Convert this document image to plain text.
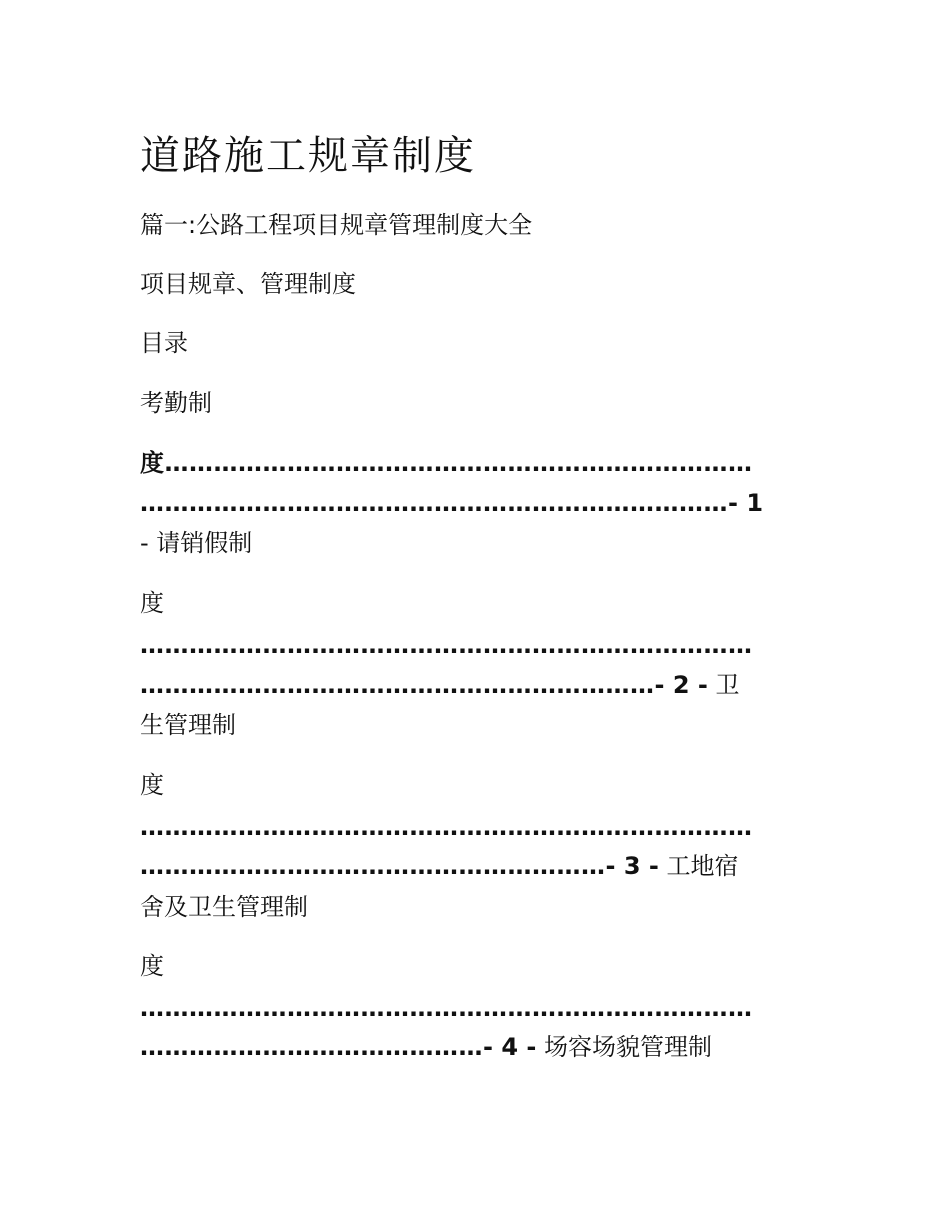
道路施工规章制度
篇一:公路工程项目规章管理制度大全
项目规章、管理制度
目录
考勤制
度………………………………………………………………
………………………………………………………………- 1
- 请销假制
度
…………………………………………………………………
………………………………………………………- 2 - 卫
生管理制
度
…………………………………………………………………
…………………………………………………- 3 - 工地宿
舍及卫生管理制
度
…………………………………………………………………
……………………………………- 4 - 场容场貌管理制
